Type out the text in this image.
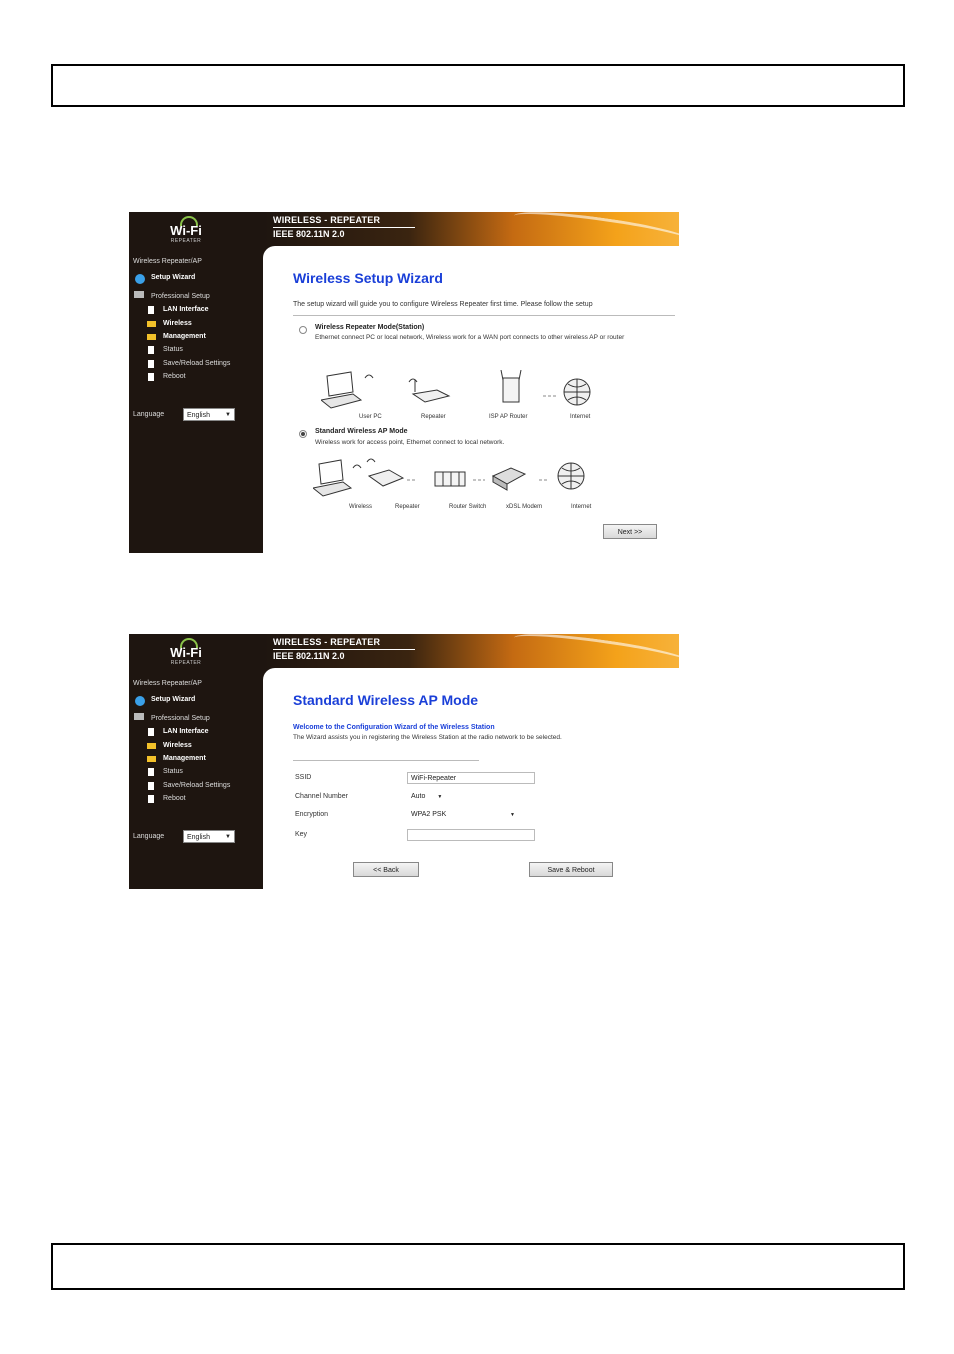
Wi-Fi
REPEATER
Wireless Repeater/AP
Setup Wizard
Professional Setup
LAN Interface
Wireless
Management
Status
Save/Reload Settings
Reboot
Language	English	▼
WIRELESS - REPEATER
IEEE 802.11N 2.0
Wireless Setup Wizard
The setup wizard will guide you to configure Wireless Repeater first time. Please follow the setup
Wireless Repeater Mode(Station)
Ethernet connect PC or local network, Wireless work for a WAN port connects to other wireless AP or router
User PC	Repeater	ISP AP Router	Internet
Standard Wireless AP Mode
Wireless work for access point, Ethernet connect to local network.
Wireless	Repeater	Router Switch	xDSL Modem	Internet
Next >>
Wi-Fi
REPEATER
Wireless Repeater/AP
Setup Wizard
Professional Setup
LAN Interface
Wireless
Management
Status
Save/Reload Settings
Reboot
Language	English	▼
WIRELESS - REPEATER
IEEE 802.11N 2.0
Standard Wireless AP Mode
Welcome to the Configuration Wizard of the Wireless Station
The Wizard assists you in registering the Wireless Station at the radio network to be selected.
SSID	WiFi-Repeater
Channel Number	Auto ▼
Encryption	WPA2 PSK	▼
Key
<< Back	Save & Reboot
